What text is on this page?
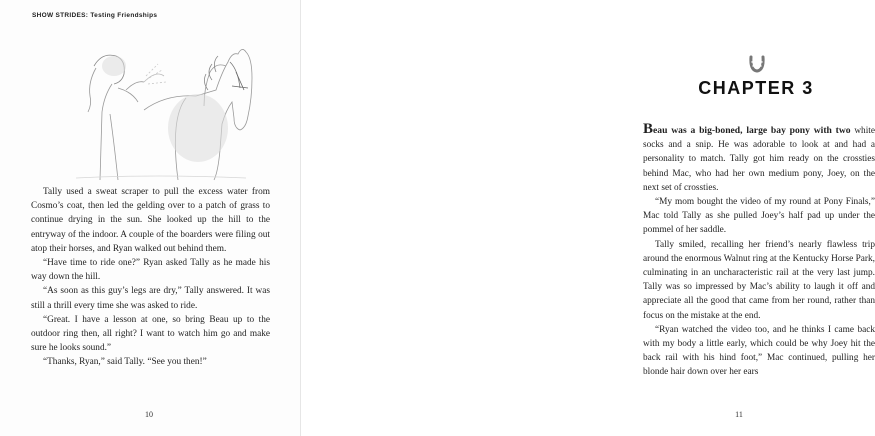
SHOW STRIDES: Testing Friendships

Tally used a sweat scraper to pull the excess water from Cosmo’s coat, then led the gelding over to a patch of grass to continue drying in the sun. She looked up the hill to the entryway of the indoor. A couple of the boarders were filing out atop their horses, and Ryan walked out behind them.

“Have time to ride one?” Ryan asked Tally as he made his way down the hill.

“As soon as this guy’s legs are dry,” Tally answered. It was still a thrill every time she was asked to ride.

“Great. I have a lesson at one, so bring Beau up to the outdoor ring then, all right? I want to watch him go and make sure he looks sound.”

“Thanks, Ryan,” said Tally. “See you then!”

10
CHAPTER 3

Beau was a big-boned, large bay pony with two white socks and a snip. He was adorable to look at and had a personality to match. Tally got him ready on the crossties behind Mac, who had her own medium pony, Joey, on the next set of crossties.

“My mom bought the video of my round at Pony Finals,” Mac told Tally as she pulled Joey’s half pad up under the pommel of her saddle.

Tally smiled, recalling her friend’s nearly flawless trip around the enormous Walnut ring at the Kentucky Horse Park, culminating in an uncharacteristic rail at the very last jump. Tally was so impressed by Mac’s ability to laugh it off and appreciate all the good that came from her round, rather than focus on the mistake at the end.

“Ryan watched the video too, and he thinks I came back with my body a little early, which could be why Joey hit the back rail with his hind foot,” Mac continued, pulling her blonde hair down over her ears

11
